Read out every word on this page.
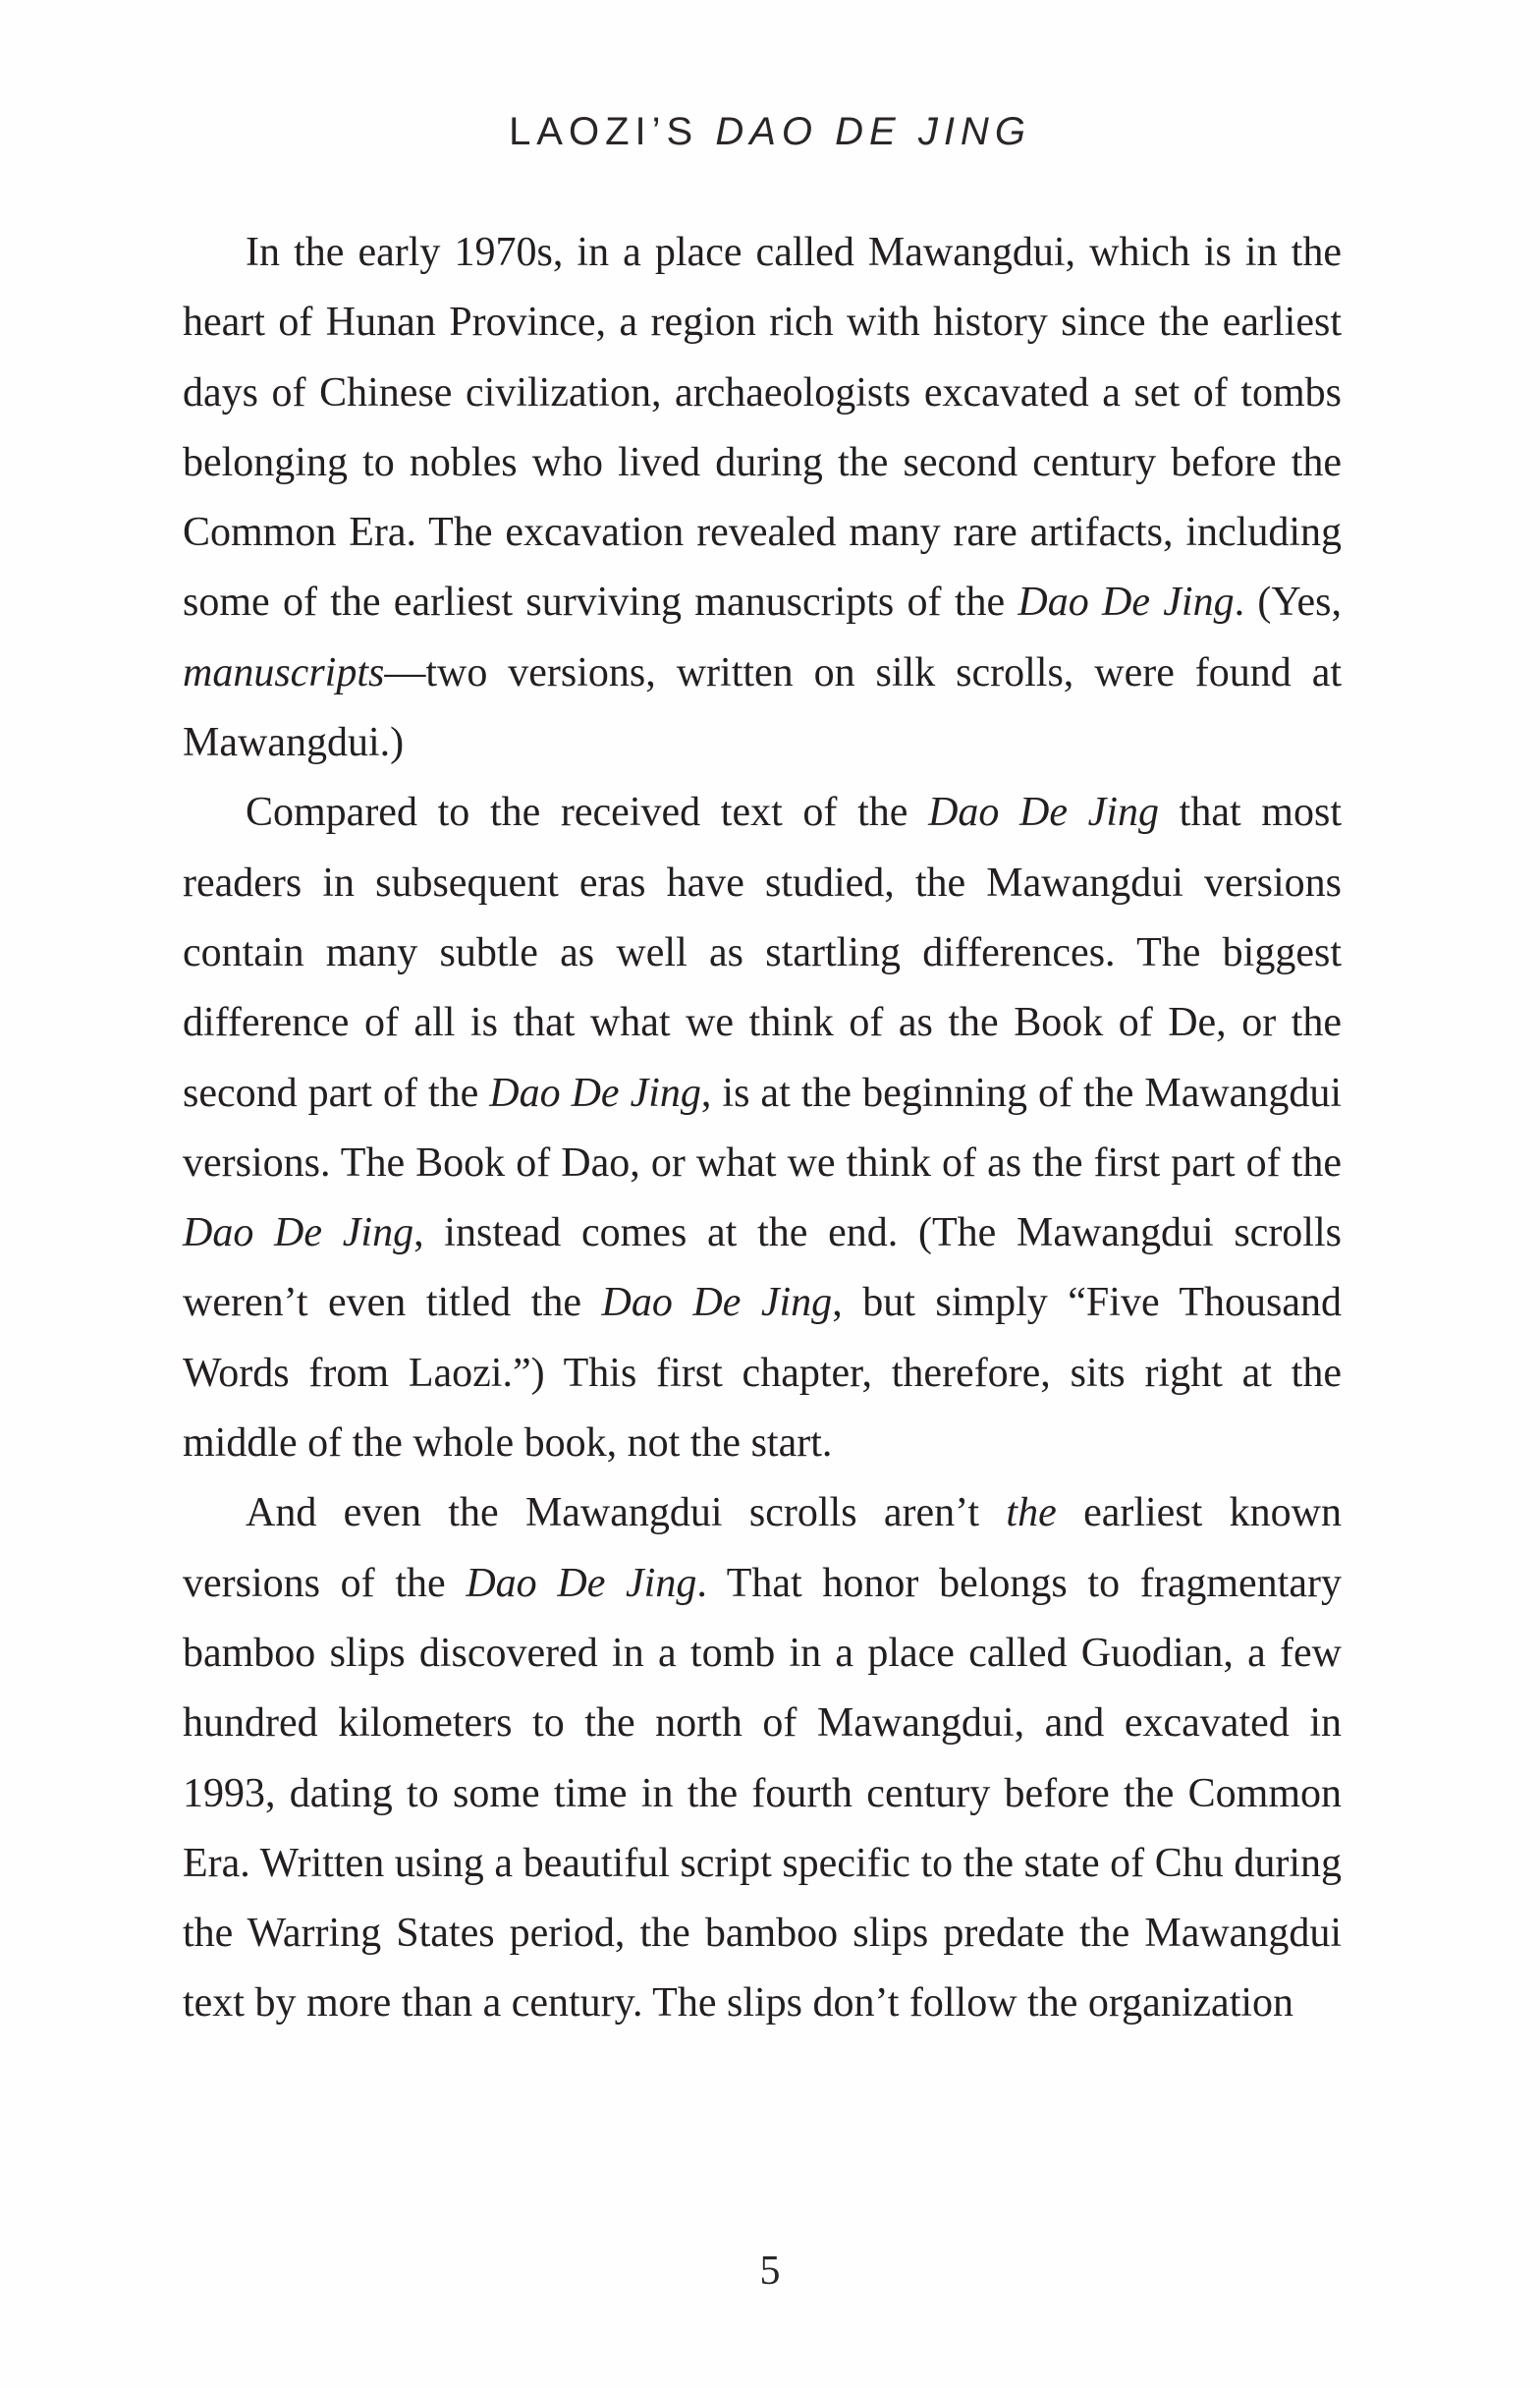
LAOZI’S DAO DE JING

In the early 1970s, in a place called Mawangdui, which is in the heart of Hunan Province, a region rich with history since the earliest days of Chinese civilization, archaeologists excavated a set of tombs belonging to nobles who lived during the second century before the Common Era. The excavation revealed many rare artifacts, including some of the earliest surviving manuscripts of the Dao De Jing. (Yes, manuscripts—two versions, written on silk scrolls, were found at Mawangdui.)

Compared to the received text of the Dao De Jing that most readers in subsequent eras have studied, the Mawangdui versions contain many subtle as well as startling differences. The biggest difference of all is that what we think of as the Book of De, or the second part of the Dao De Jing, is at the beginning of the Mawangdui versions. The Book of Dao, or what we think of as the first part of the Dao De Jing, instead comes at the end. (The Mawangdui scrolls weren’t even titled the Dao De Jing, but simply “Five Thousand Words from Laozi.”) This first chapter, therefore, sits right at the middle of the whole book, not the start.

And even the Mawangdui scrolls aren’t the earliest known versions of the Dao De Jing. That honor belongs to fragmentary bamboo slips discovered in a tomb in a place called Guodian, a few hundred kilometers to the north of Mawangdui, and excavated in 1993, dating to some time in the fourth century before the Common Era. Written using a beautiful script specific to the state of Chu during the Warring States period, the bamboo slips predate the Mawangdui text by more than a century. The slips don’t follow the organization

5
